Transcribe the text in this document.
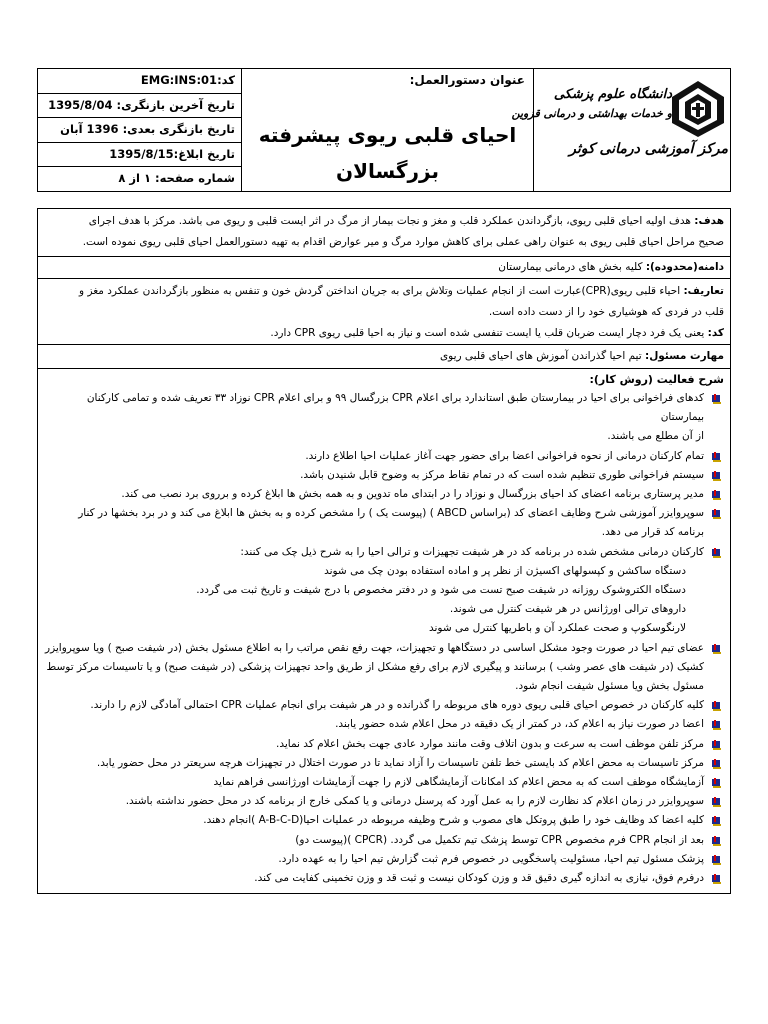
کد:EMG:INS:01
تاریخ آخرین بازنگری: 1395/8/04
تاریخ بازنگری بعدی: 1396 آبان
تاریخ ابلاغ:1395/8/15
شماره صفحه: ۱ از ۸
عنوان دستورالعمل:
احیای قلبی ریوی پیشرفته
بزرگسالان
دانشگاه علوم پزشکی
و خدمات بهداشتی و درمانی قزوین
مرکز آموزشی درمانی کوثر
هدف: هدف اولیه احیای قلبی ریوی، بازگرداندن عملکرد قلب و مغز و نجات بیمار از مرگ در اثر ایست قلبی و ریوی می باشد. مرکز با هدف اجرای
صحیح مراحل احیای قلبی ریوی به عنوان راهی عملی برای کاهش موارد مرگ و میر عوارض اقدام به تهیه دستورالعمل احیای قلبی ریوی نموده است.
دامنه(محدوده): کلیه بخش های درمانی بیمارستان
تعاریف: احیاء قلبی ریوی(CPR)عبارت است از انجام عملیات وتلاش برای به جریان انداختن گردش خون و تنفس به منظور بازگرداندن عملکرد مغز و
قلب در فردی که هوشیاری خود را از دست داده است.
کد: یعنی یک فرد دچار ایست ضربان قلب یا ایست تنفسی شده است و نیاز به احیا قلبی ریوی CPR دارد.
مهارت مسئول: تیم احیا گذراندن آموزش های احیای قلبی ریوی
شرح فعالیت (روش کار):
کدهای فراخوانی برای احیا در بیمارستان طبق استاندارد برای اعلام CPR بزرگسال ۹۹ و برای اعلام CPR نوزاد ۳۳ تعریف شده و تمامی کارکنان بیمارستان
از آن مطلع می باشند.
تمام کارکنان درمانی از نحوه فراخوانی اعضا برای حضور جهت آغاز عملیات احیا اطلاع دارند.
سیستم فراخوانی طوری تنظیم شده است که در تمام نقاط مرکز به وضوح قابل شنیدن باشد.
مدیر پرستاری برنامه اعضای کد احیای بزرگسال و نوزاد را در ابتدای ماه تدوین و به همه بخش ها ابلاغ کرده و برروی برد نصب می کند.
سوپروایزر آموزشی شرح وظایف اعضای کد (براساس ABCD ) (پیوست یک ) را مشخص کرده و به بخش ها ابلاغ می کند و در برد بخشها در کنار
برنامه کد قرار می دهد.
کارکنان درمانی مشخص شده در برنامه کد در هر شیفت تجهیزات و ترالی احیا را به شرح ذیل چک می کنند:
دستگاه ساکشن و کپسولهای اکسیژن از نظر پر و اماده استفاده بودن چک می شوند
دستگاه الکتروشوک روزانه در شیفت صبح تست می شود و در دفتر مخصوص با درج شیفت و تاریخ ثبت می گردد.
داروهای ترالی اورژانس در هر شیفت کنترل می شوند.
لارنگوسکوپ و صحت عملکرد آن و باطریها کنترل می شوند
عضای تیم احیا در صورت وجود مشکل اساسی در دستگاهها و تجهیزات، جهت رفع نقص مراتب را به اطلاع مسئول بخش (در شیفت صبح ) ویا سوپروایزر
کشیک (در شیفت های عصر وشب ) برسانند و پیگیری لازم برای رفع مشکل از طریق واحد تجهیزات پزشکی (در شیفت صبح) و یا تاسیسات مرکز توسط
مسئول بخش ویا مسئول شیفت انجام شود.
کلیه کارکنان در خصوص احیای قلبی ریوی دوره های مربوطه را گذرانده و در هر شیفت برای انجام عملیات CPR احتمالی آمادگی لازم را دارند.
اعضا در صورت نیاز به اعلام کد، در کمتر از یک دقیقه در محل اعلام شده حضور یابند.
مرکز تلفن موظف است به سرعت و بدون اتلاف وقت مانند موارد عادی جهت بخش اعلام کد نماید.
مرکز تاسیسات به محض اعلام کد بایستی خط تلفن تاسیسات را آزاد نماید تا در صورت اختلال در تجهیزات هرچه سریعتر در محل حضور یابد.
آزمایشگاه موظف است که به محض اعلام کد امکانات آزمایشگاهی لازم را جهت آزمایشات اورژانسی فراهم نماید
سوپروایزر در زمان اعلام کد نظارت لازم را به عمل آورد که پرسنل درمانی و یا کمکی خارج از برنامه کد در محل حضور نداشته باشند.
کلیه اعضا کد وظایف خود را طبق پروتکل های مصوب و شرح وظیفه مربوطه در عملیات احیا(A-B-C-D )انجام دهند.
بعد از انجام CPR فرم مخصوص CPR توسط پزشک تیم تکمیل می گردد. (CPCR )(پیوست دو)
پزشک مسئول تیم احیا، مسئولیت پاسخگویی در خصوص فرم ثبت گزارش تیم احیا را به عهده دارد.
درفرم فوق، نیازی به اندازه گیری دقیق قد و وزن کودکان نیست و ثبت قد و وزن تخمینی کفایت می کند.
